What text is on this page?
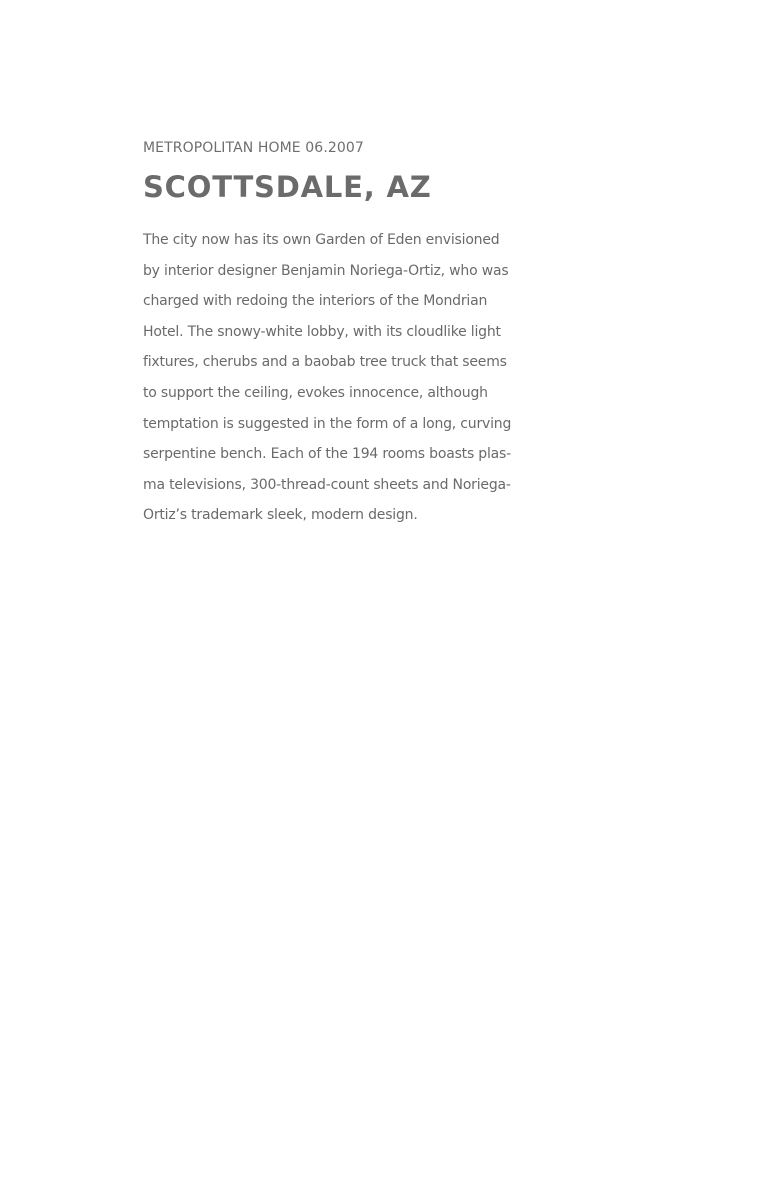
METROPOLITAN HOME 06.2007

SCOTTSDALE, AZ
The city now has its own Garden of Eden envisioned
by interior designer Benjamin Noriega-Ortiz, who was
charged with redoing the interiors of the Mondrian
Hotel. The snowy-white lobby, with its cloudlike light
fixtures, cherubs and a baobab tree truck that seems
to support the ceiling, evokes innocence, although
temptation is suggested in the form of a long, curving
serpentine bench. Each of the 194 rooms boasts plas-
ma televisions, 300-thread-count sheets and Noriega-
Ortiz’s trademark sleek, modern design.
